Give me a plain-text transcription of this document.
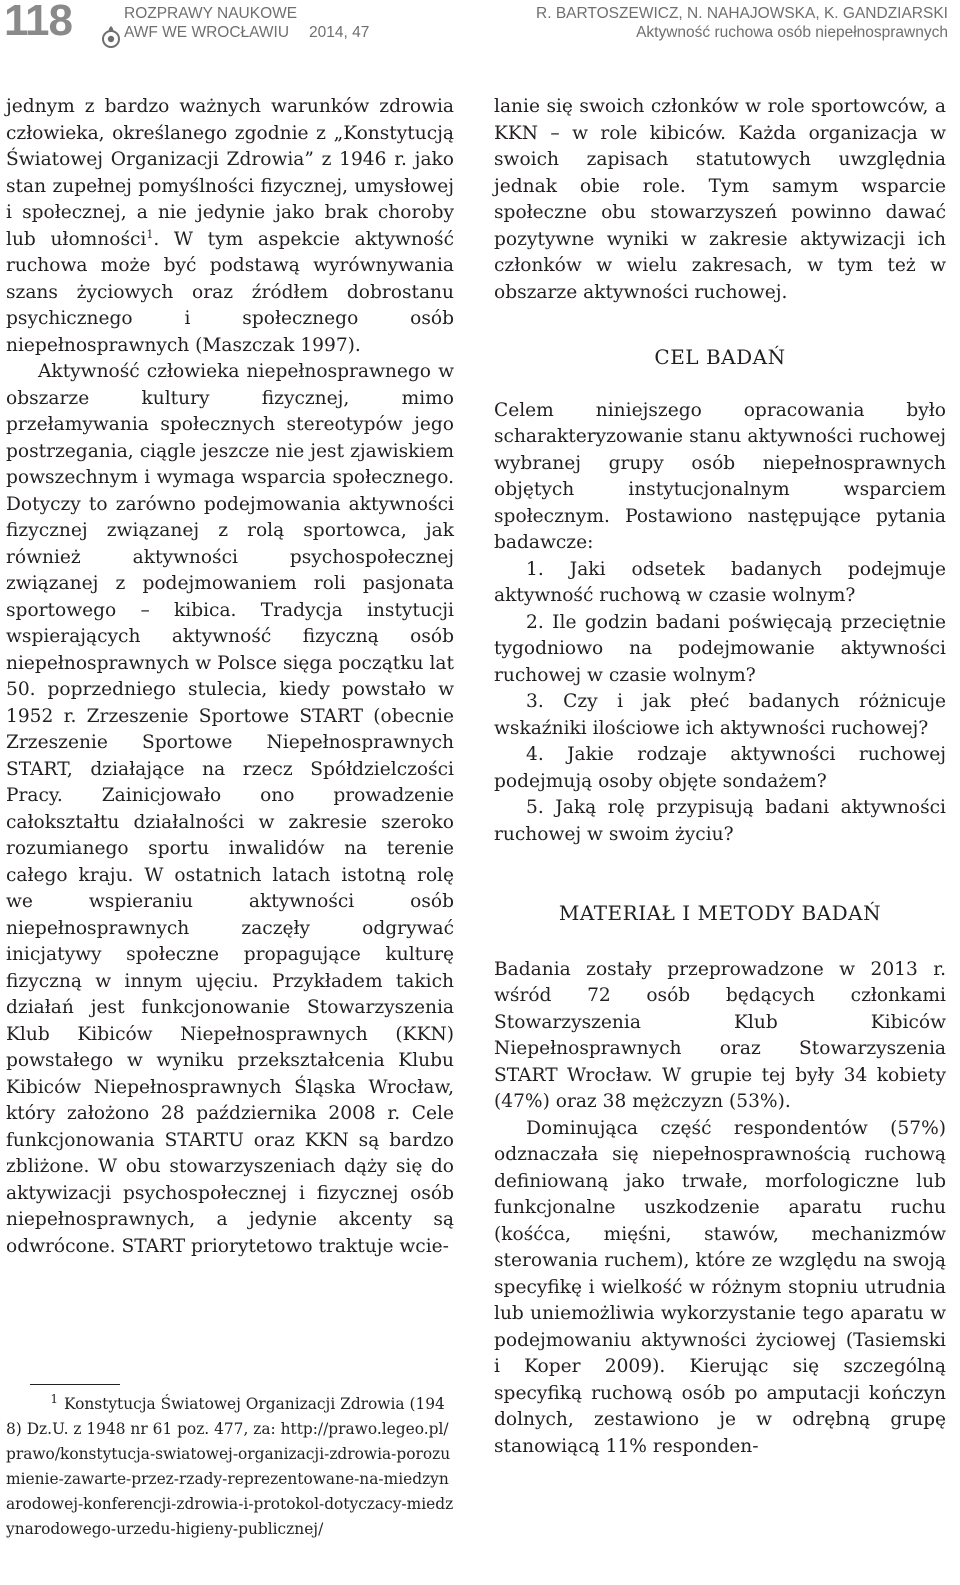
118	ROZPRAWY NAUKOWE
AWF WE WROCŁAWIU 2014, 47
R. BARTOSZEWICZ, N. NAHAJOWSKA, K. GANDZIARSKI
Aktywność ruchowa osób niepełnosprawnych

jednym z bardzo ważnych warunków zdrowia człowieka, określanego zgodnie z „Konstytucją Światowej Organizacji Zdrowia” z 1946 r. jako stan zupełnej pomyślności fizycznej, umysłowej i społecznej, a nie jedynie jako brak choroby lub ułomności$^1$. W tym aspekcie aktywność ruchowa może być podstawą wyrównywania szans życiowych oraz źródłem dobrostanu psychicznego i społecznego osób niepełnosprawnych (Maszczak 1997).

Aktywność człowieka niepełnosprawnego w obszarze kultury fizycznej, mimo przełamywania społecznych stereotypów jego postrzegania, ciągle jeszcze nie jest zjawiskiem powszechnym i wymaga wsparcia społecznego. Dotyczy to zarówno podejmowania aktywności fizycznej związanej z rolą sportowca, jak również aktywności psychospołecznej związanej z podejmowaniem roli pasjonata sportowego – kibica. Tradycja instytucji wspierających aktywność fizyczną osób niepełnosprawnych w Polsce sięga początku lat 50. poprzedniego stulecia, kiedy powstało w 1952 r. Zrzeszenie Sportowe START (obecnie Zrzeszenie Sportowe Niepełnosprawnych START, działające na rzecz Spółdzielczości Pracy. Zainicjowało ono prowadzenie całokształtu działalności w zakresie szeroko rozumianego sportu inwalidów na terenie całego kraju. W ostatnich latach istotną rolę we wspieraniu aktywności osób niepełnosprawnych zaczęły odgrywać inicjatywy społeczne propagujące kulturę fizyczną w innym ujęciu. Przykładem takich działań jest funkcjonowanie Stowarzyszenia Klub Kibiców Niepełnosprawnych (KKN) powstałego w wyniku przekształcenia Klubu Kibiców Niepełnosprawnych Śląska Wrocław, który założono 28 października 2008 r. Cele funkcjonowania STARTU oraz KKN są bardzo zbliżone. W obu stowarzyszeniach dąży się do aktywizacji psychospołecznej i fizycznej osób niepełnosprawnych, a jedynie akcenty są odwrócone. START priorytetowo traktuje wcie-

1 Konstytucja Światowej Organizacji Zdrowia (1948) Dz.U. z 1948 nr 61 poz. 477, za: http://prawo.legeo.pl/prawo/konstytucja-swiatowej-organizacji-zdrowia-porozumienie-zawarte-przez-rzady-reprezentowane-na-miedzynarodowej-konferencji-zdrowia-i-protokol-dotyczacy-miedzynarodowego-urzedu-higieny-publicznej/

lanie się swoich członków w role sportowców, a KKN – w role kibiców. Każda organizacja w swoich zapisach statutowych uwzględnia jednak obie role. Tym samym wsparcie społeczne obu stowarzyszeń powinno dawać pozytywne wyniki w zakresie aktywizacji ich członków w wielu zakresach, w tym też w obszarze aktywności ruchowej.

CEL BADAŃ

Celem niniejszego opracowania było scharakteryzowanie stanu aktywności ruchowej wybranej grupy osób niepełnosprawnych objętych instytucjonalnym wsparciem społecznym. Postawiono następujące pytania badawcze:

1. Jaki odsetek badanych podejmuje aktywność ruchową w czasie wolnym?

2. Ile godzin badani poświęcają przeciętnie tygodniowo na podejmowanie aktywności ruchowej w czasie wolnym?

3. Czy i jak płeć badanych różnicuje wskaźniki ilościowe ich aktywności ruchowej?

4. Jakie rodzaje aktywności ruchowej podejmują osoby objęte sondażem?

5. Jaką rolę przypisują badani aktywności ruchowej w swoim życiu?

MATERIAŁ I METODY BADAŃ

Badania zostały przeprowadzone w 2013 r. wśród 72 osób będących członkami Stowarzyszenia Klub Kibiców Niepełnosprawnych oraz Stowarzyszenia START Wrocław. W grupie tej były 34 kobiety (47%) oraz 38 mężczyzn (53%).

Dominująca część respondentów (57%) odznaczała się niepełnosprawnością ruchową definiowaną jako trwałe, morfologiczne lub funkcjonalne uszkodzenie aparatu ruchu (kośćca, mięśni, stawów, mechanizmów sterowania ruchem), które ze względu na swoją specyfikę i wielkość w różnym stopniu utrudnia lub uniemożliwia wykorzystanie tego aparatu w podejmowaniu aktywności życiowej (Tasiemski i Koper 2009). Kierując się szczególną specyfiką ruchową osób po amputacji kończyn dolnych, zestawiono je w odrębną grupę stanowiącą 11% responden-
